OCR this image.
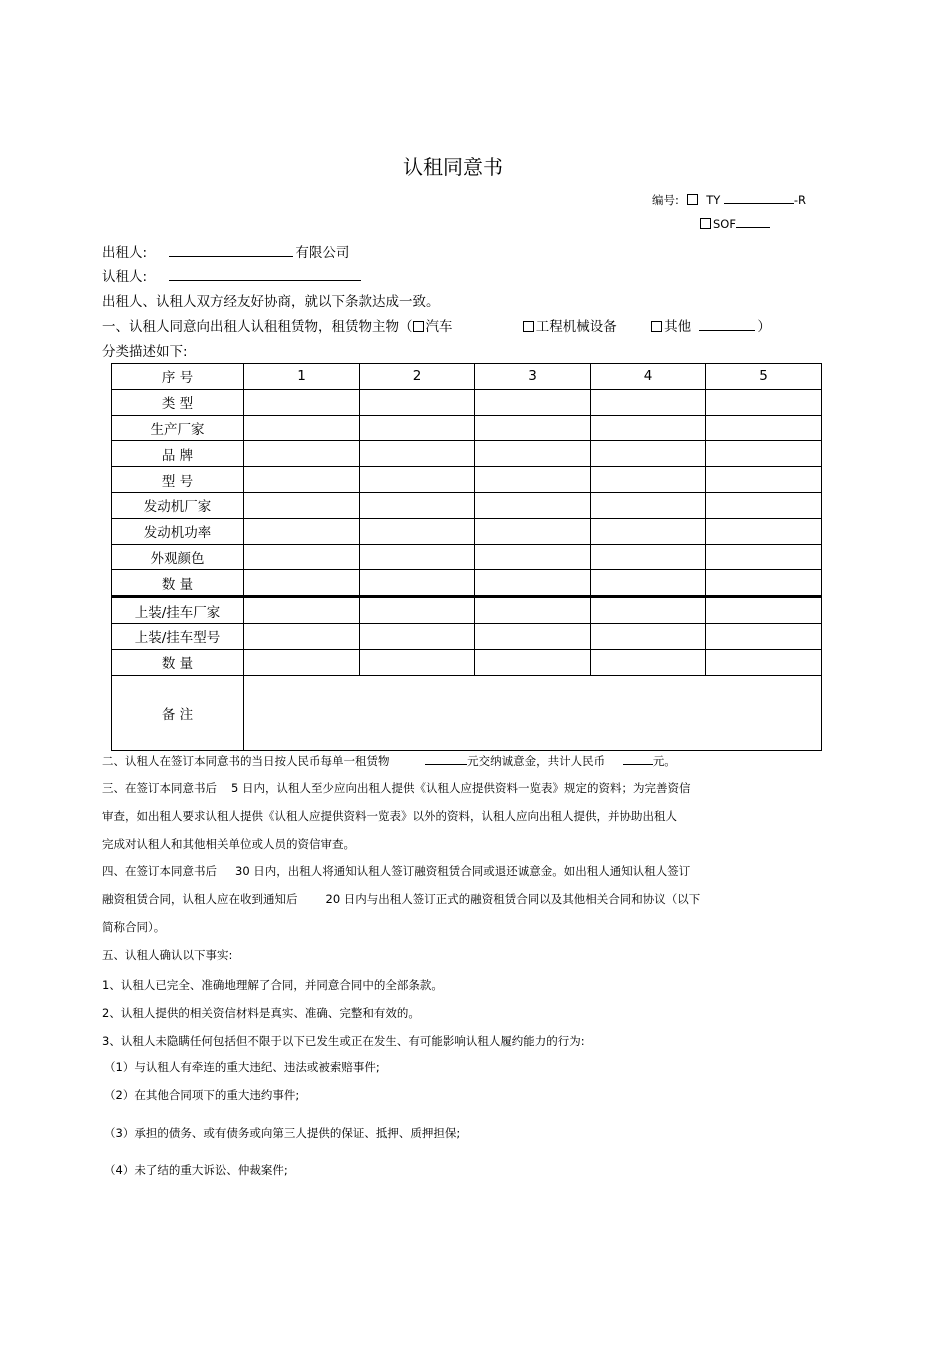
认租同意书
编号: TY	-R
SOF
出租人:	有限公司
认租人:
出租人、认租人双方经友好协商，就以下条款达成一致。
一、认租人同意向出租人认租租赁物，租赁物主物（ 汽车	工程机械设备	其他	）
分类描述如下:
序 号	1	2	3	4	5
类 型					
生产厂家					
品 牌					
型 号					
发动机厂家					
发动机功率					
外观颜色					
数 量					
上装/挂车厂家					
上装/挂车型号					
数 量					
备 注					
二、认租人在签订本同意书的当日按人民币每单一租赁物	元交纳诚意金，共计人民币	元。
三、在签订本同意书后 5 日内，认租人至少应向出租人提供《认租人应提供资料一览表》规定的资料；为完善资信
审查，如出租人要求认租人提供《认租人应提供资料一览表》以外的资料，认租人应向出租人提供，并协助出租人
完成对认租人和其他相关单位或人员的资信审查。
四、在签订本同意书后 30 日内，出租人将通知认租人签订融资租赁合同或退还诚意金。如出租人通知认租人签订
融资租赁合同，认租人应在收到通知后 20 日内与出租人签订正式的融资租赁合同以及其他相关合同和协议（以下
简称合同）。
五、认租人确认以下事实:
1、认租人已完全、准确地理解了合同，并同意合同中的全部条款。
2、认租人提供的相关资信材料是真实、准确、完整和有效的。
3、认租人未隐瞒任何包括但不限于以下已发生或正在发生、有可能影响认租人履约能力的行为:
（1）与认租人有牵连的重大违纪、违法或被索赔事件;
（2）在其他合同项下的重大违约事件;
（3）承担的债务、或有债务或向第三人提供的保证、抵押、质押担保;
（4）未了结的重大诉讼、仲裁案件;
